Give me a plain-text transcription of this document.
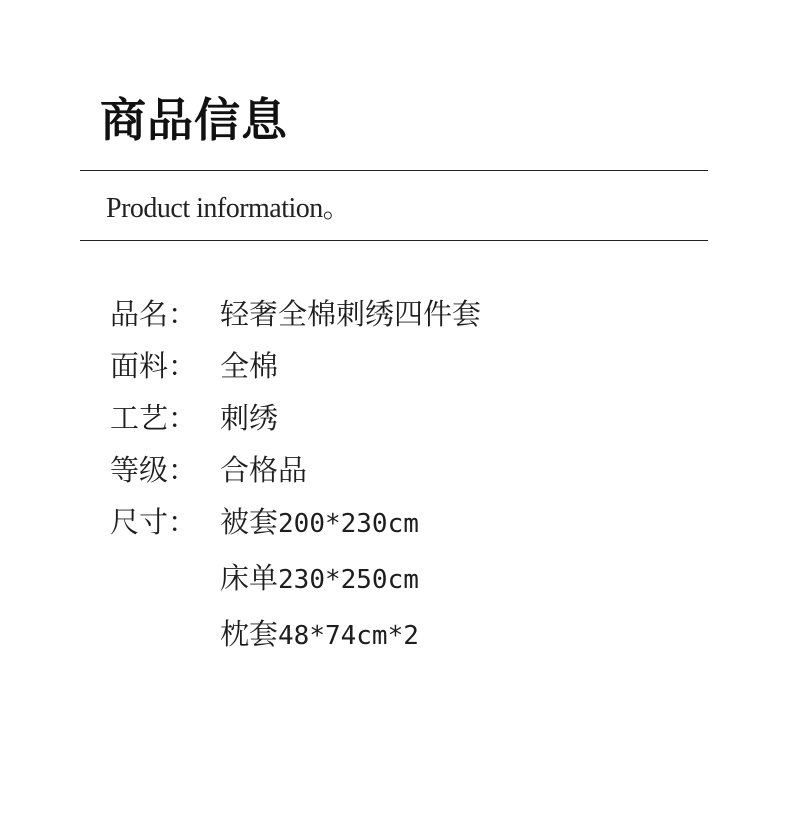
商品信息
Product information。
品名： 轻奢全棉刺绣四件套
面料： 全棉
工艺： 刺绣
等级： 合格品
尺寸： 被套200*230cm
床单230*250cm
枕套48*74cm*2
